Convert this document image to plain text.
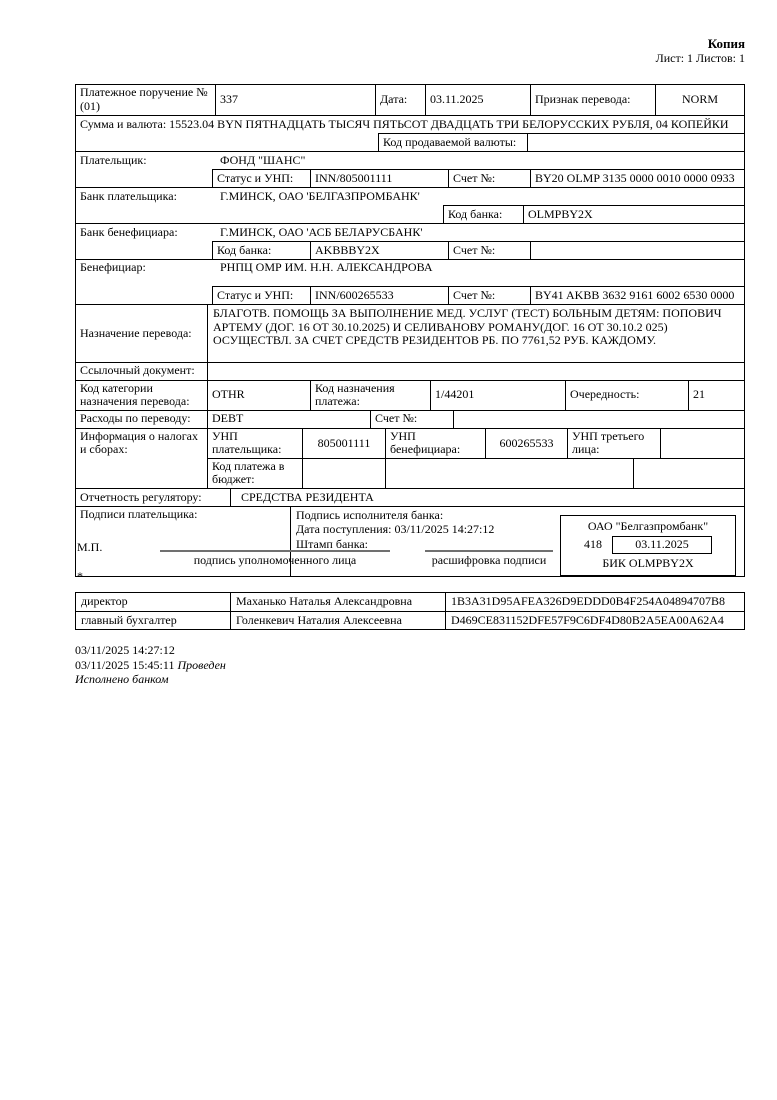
Копия
Лист: 1 Листов: 1
Платежное поручение № (01)	337	Дата:	03.11.2025	Признак перевода:	NORM
Сумма и валюта: 15523.04 BYN ПЯТНАДЦАТЬ ТЫСЯЧ ПЯТЬСОТ ДВАДЦАТЬ ТРИ БЕЛОРУССКИХ РУБЛЯ, 04 КОПЕЙКИ
Код продаваемой валюты:
Плательщик:	ФОНД "ШАНС"
Статус и УНП:	INN/805001111	Счет №:	BY20 OLMP 3135 0000 0010 0000 0933
Банк плательщика:	Г.МИНСК, ОАО 'БЕЛГАЗПРОМБАНК'
Код банка:	OLMPBY2X
Банк бенефициара:	Г.МИНСК, ОАО 'АСБ БЕЛАРУСБАНК'
Код банка:	AKBBBY2X	Счет №:
Бенефициар:	РНПЦ ОМР ИМ. Н.Н. АЛЕКСАНДРОВА
Статус и УНП:	INN/600265533	Счет №:	BY41 AKBB 3632 9161 6002 6530 0000
Назначение перевода:
БЛАГОТВ. ПОМОЩЬ ЗА ВЫПОЛНЕНИЕ МЕД. УСЛУГ (ТЕСТ) БОЛЬНЫМ ДЕТЯМ: ПОПОВИЧ АРТЕМУ (ДОГ. 16 ОТ 30.10.2025) И СЕЛИВАНОВУ РОМАНУ(ДОГ. 16 ОТ 30.10.2 025) ОСУЩЕСТВЛ. ЗА СЧЕТ СРЕДСТВ РЕЗИДЕНТОВ РБ. ПО 7761,52 РУБ. КАЖДОМУ.
Ссылочный документ:
Код категории назначения перевода:	OTHR	Код назначения платежа:	1/44201	Очередность:	21
Расходы по переводу:	DEBT	Счет №:
Информация о налогах и сборах:
УНП плательщика:	805001111	УНП бенефициара:	600265533	УНП третьего лица:
Код платежа в бюджет:
Отчетность регулятору:	СРЕДСТВА РЕЗИДЕНТА
Подписи плательщика:	Подпись исполнителя банка:
Дата поступления: 03/11/2025 14:27:12
Штамп банка:
ОАО "Белгазпромбанк"
418	03.11.2025
БИК OLMPBY2X
М.П.
подпись уполномоченного лица	расшифровка подписи
*
директор	Маханько Наталья Александровна	1B3A31D95AFEA326D9EDDD0B4F254A04894707B8
главный бухгалтер	Голенкевич Наталия Алексеевна	D469CE831152DFE57F9C6DF4D80B2A5EA00A62A4
03/11/2025 14:27:12
03/11/2025 15:45:11 Проведен
Исполнено банком
